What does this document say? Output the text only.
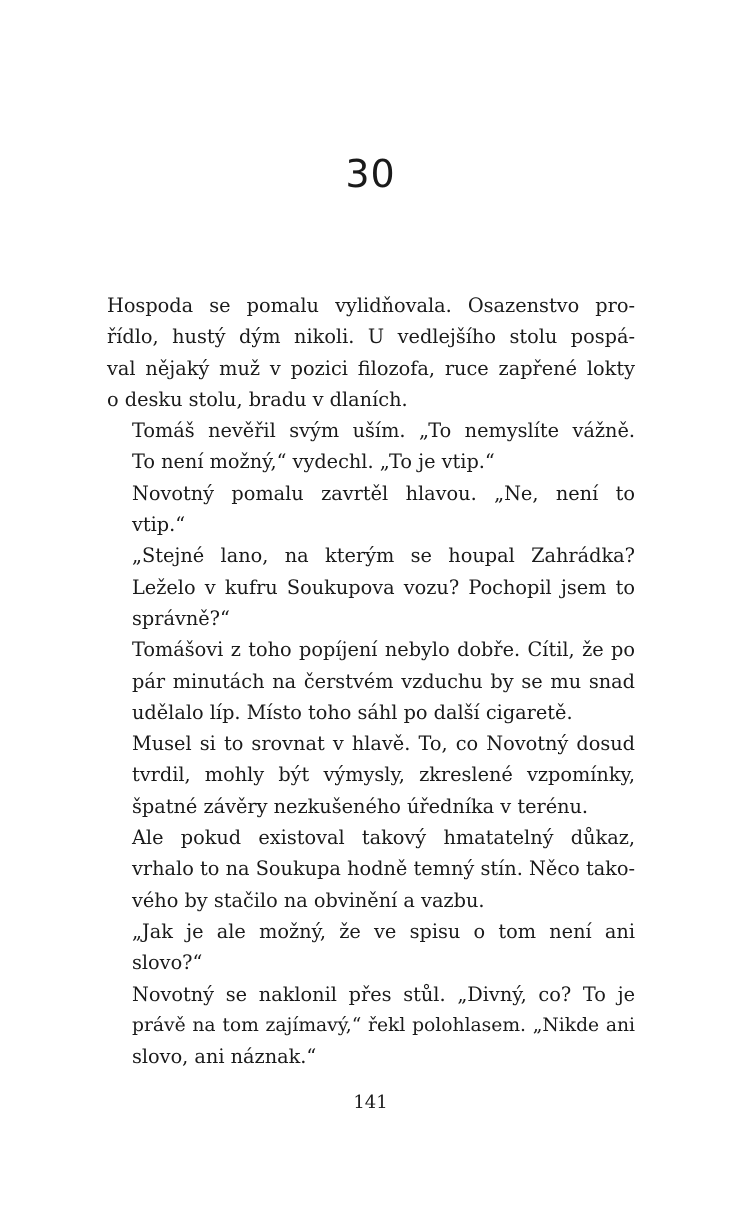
30

Hospoda se pomalu vylidňovala. Osazenstvo pro-
řídlo, hustý dým nikoli. U vedlejšího stolu pospá-
val nějaký muž v pozici filozofa, ruce zapřené lokty
o desku stolu, bradu v dlaních.

Tomáš nevěřil svým uším. „To nemyslíte vážně.
To není možný,“ vydechl. „To je vtip.“

Novotný pomalu zavrtěl hlavou. „Ne, není to
vtip.“

„Stejné lano, na kterým se houpal Zahrádka?
Leželo v kufru Soukupova vozu? Pochopil jsem to
správně?“

Tomášovi z toho popíjení nebylo dobře. Cítil, že po
pár minutách na čerstvém vzduchu by se mu snad
udělalo líp. Místo toho sáhl po další cigaretě.

Musel si to srovnat v hlavě. To, co Novotný dosud
tvrdil, mohly být výmysly, zkreslené vzpomínky,
špatné závěry nezkušeného úředníka v terénu.

Ale pokud existoval takový hmatatelný důkaz,
vrhalo to na Soukupa hodně temný stín. Něco tako-
vého by stačilo na obvinění a vazbu.

„Jak je ale možný, že ve spisu o tom není ani
slovo?“

Novotný se naklonil přes stůl. „Divný, co? To je
právě na tom zajímavý,“ řekl polohlasem. „Nikde ani
slovo, ani náznak.“

141
